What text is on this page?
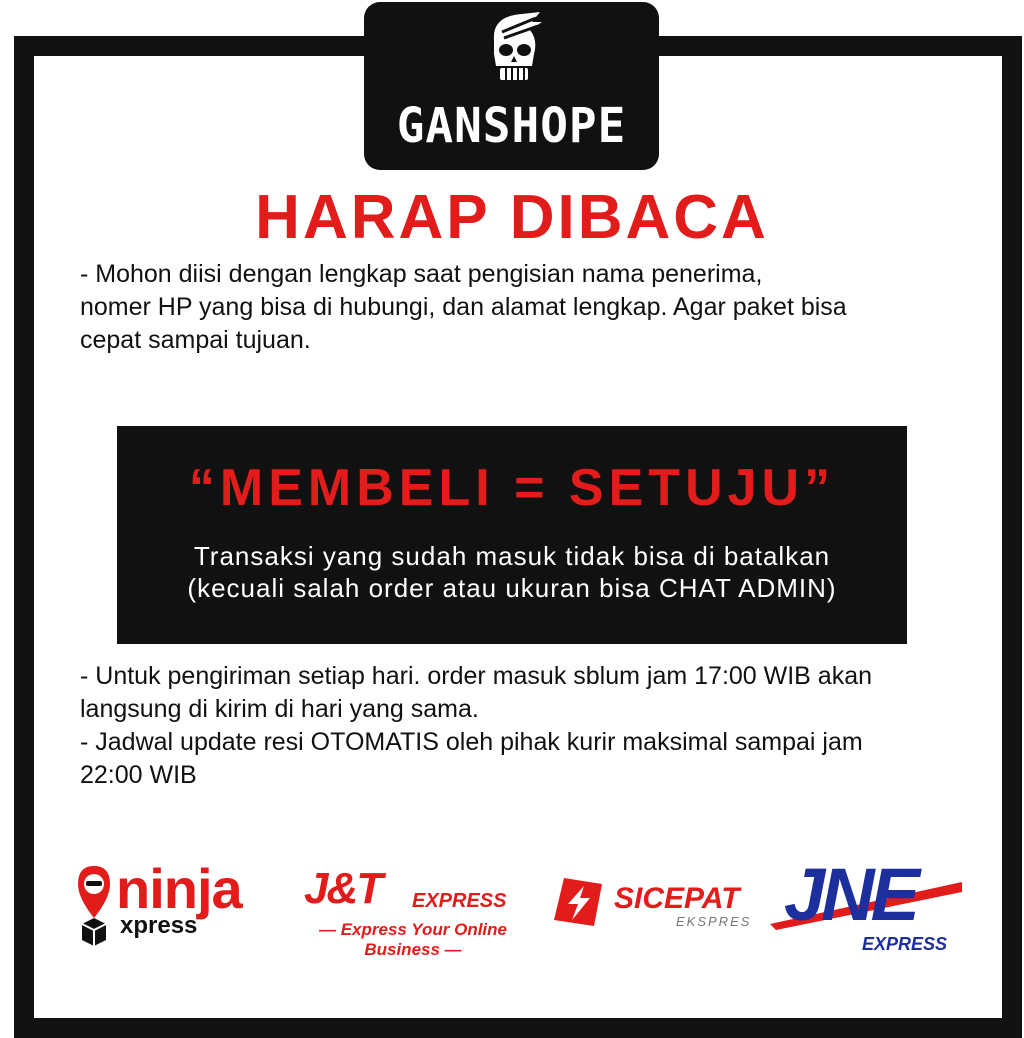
GANSHOPE
HARAP DIBACA
- Mohon diisi dengan lengkap saat pengisian nama penerima,
nomer HP yang bisa di hubungi, dan alamat lengkap. Agar paket bisa
cepat sampai tujuan.
“MEMBELI = SETUJU”
Transaksi yang sudah masuk tidak bisa di batalkan
(kecuali salah order atau ukuran bisa CHAT ADMIN)
- Untuk pengiriman setiap hari. order masuk sblum jam 17:00 WIB akan
langsung di kirim di hari yang sama.
- Jadwal update resi OTOMATIS oleh pihak kurir maksimal sampai jam
22:00 WIB
ninja
xpress
J&T EXPRESS
— Express Your Online Business —
SICEPAT
EKSPRES JNE
EXPRESS
